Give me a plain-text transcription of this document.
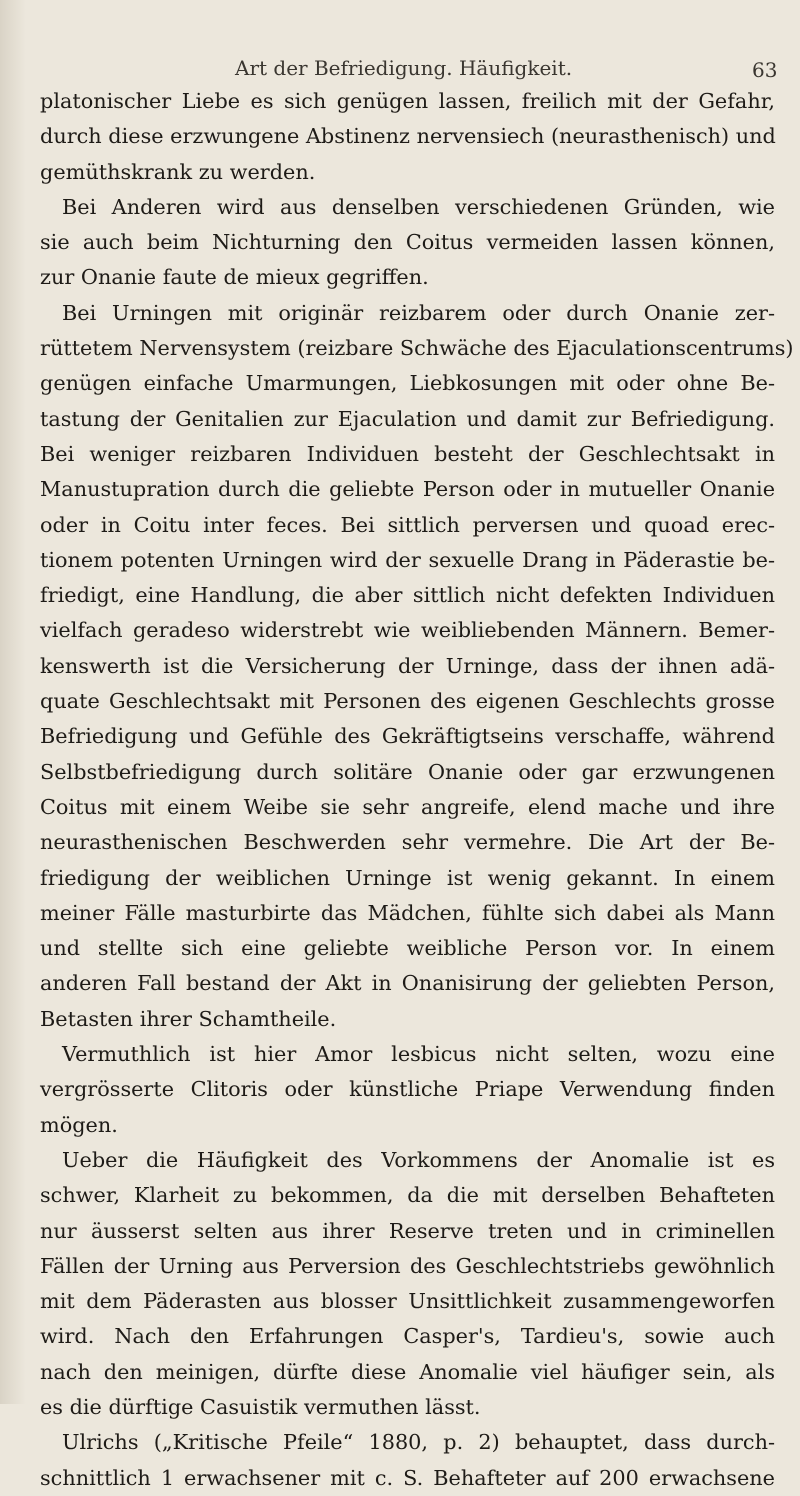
Art der Befriedigung. Häufigkeit.	63
platonischer Liebe es sich genügen lassen, freilich mit der Gefahr,
durch diese erzwungene Abstinenz nervensiech (neurasthenisch) und
gemüthskrank zu werden.
Bei Anderen wird aus denselben verschiedenen Gründen, wie
sie auch beim Nichturning den Coitus vermeiden lassen können,
zur Onanie faute de mieux gegriffen.
Bei Urningen mit originär reizbarem oder durch Onanie zer-
rüttetem Nervensystem (reizbare Schwäche des Ejaculationscentrums)
genügen einfache Umarmungen, Liebkosungen mit oder ohne Be-
tastung der Genitalien zur Ejaculation und damit zur Befriedigung.
Bei weniger reizbaren Individuen besteht der Geschlechtsakt in
Manustupration durch die geliebte Person oder in mutueller Onanie
oder in Coitu inter feces. Bei sittlich perversen und quoad erec-
tionem potenten Urningen wird der sexuelle Drang in Päderastie be-
friedigt, eine Handlung, die aber sittlich nicht defekten Individuen
vielfach geradeso widerstrebt wie weibliebenden Männern. Bemer-
kenswerth ist die Versicherung der Urninge, dass der ihnen adä-
quate Geschlechtsakt mit Personen des eigenen Geschlechts grosse
Befriedigung und Gefühle des Gekräftigtseins verschaffe, während
Selbstbefriedigung durch solitäre Onanie oder gar erzwungenen
Coitus mit einem Weibe sie sehr angreife, elend mache und ihre
neurasthenischen Beschwerden sehr vermehre. Die Art der Be-
friedigung der weiblichen Urninge ist wenig gekannt. In einem
meiner Fälle masturbirte das Mädchen, fühlte sich dabei als Mann
und stellte sich eine geliebte weibliche Person vor. In einem
anderen Fall bestand der Akt in Onanisirung der geliebten Person,
Betasten ihrer Schamtheile.
Vermuthlich ist hier Amor lesbicus nicht selten, wozu eine
vergrösserte Clitoris oder künstliche Priape Verwendung finden
mögen.
Ueber die Häufigkeit des Vorkommens der Anomalie ist es
schwer, Klarheit zu bekommen, da die mit derselben Behafteten
nur äusserst selten aus ihrer Reserve treten und in criminellen
Fällen der Urning aus Perversion des Geschlechtstriebs gewöhnlich
mit dem Päderasten aus blosser Unsittlichkeit zusammengeworfen
wird. Nach den Erfahrungen Casper's, Tardieu's, sowie auch
nach den meinigen, dürfte diese Anomalie viel häufiger sein, als
es die dürftige Casuistik vermuthen lässt.
Ulrichs („Kritische Pfeile“ 1880, p. 2) behauptet, dass durch-
schnittlich 1 erwachsener mit c. S. Behafteter auf 200 erwachsene
